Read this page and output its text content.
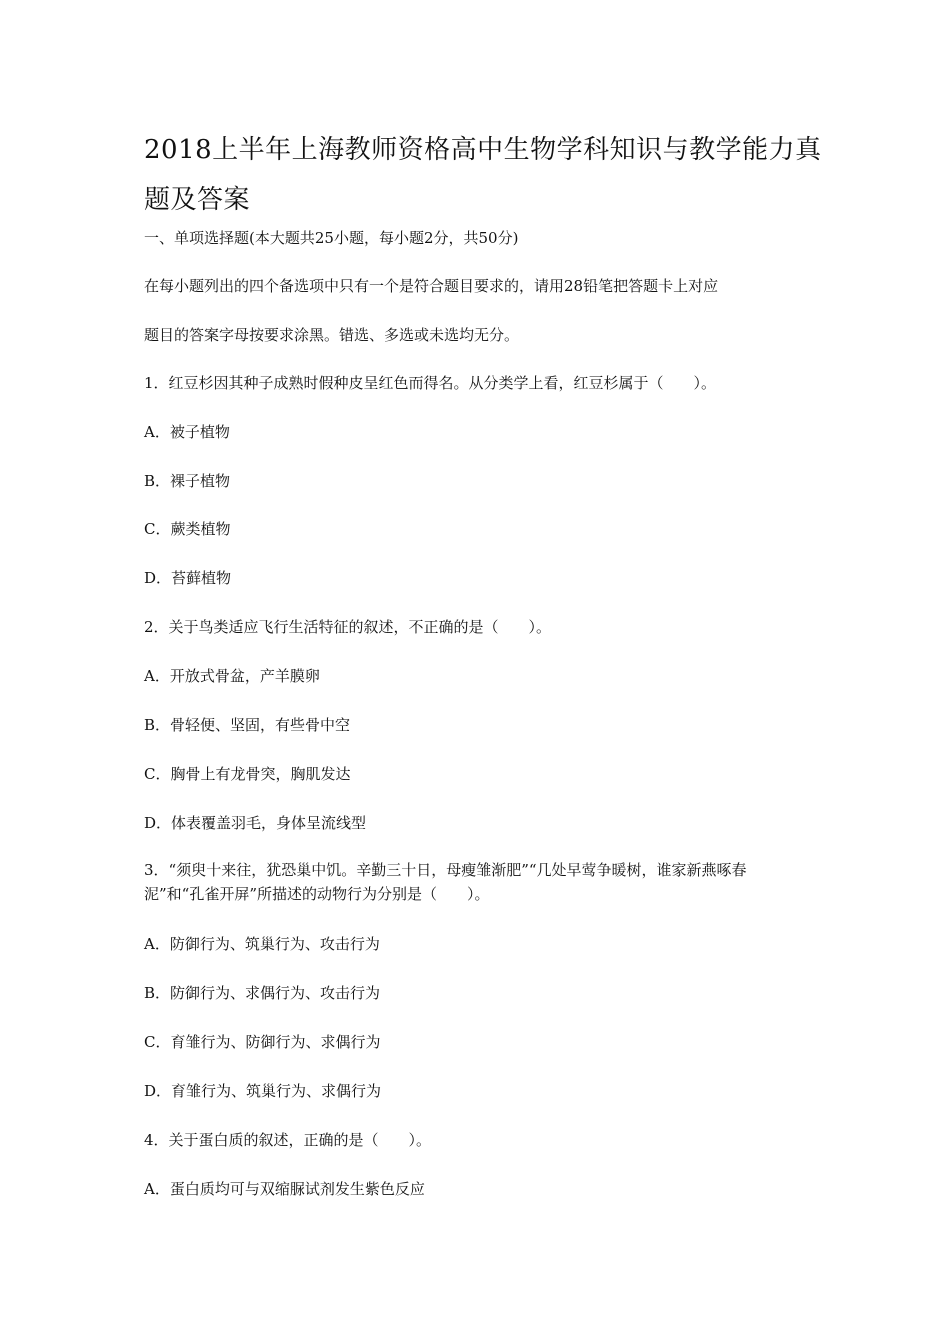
2018上半年上海教师资格高中生物学科知识与教学能力真
题及答案
一、单项选择题(本大题共25小题，每小题2分，共50分)
在每小题列出的四个备选项中只有一个是符合题目要求的，请用28铅笔把答题卡上对应
题目的答案字母按要求涂黑。错选、多选或未选均无分。
1．红豆杉因其种子成熟时假种皮呈红色而得名。从分类学上看，红豆杉属于（　　）。
A．被子植物
B．裸子植物
C．蕨类植物
D．苔藓植物
2．关于鸟类适应飞行生活特征的叙述，不正确的是（　　）。
A．开放式骨盆，产羊膜卵
B．骨轻便、坚固，有些骨中空
C．胸骨上有龙骨突，胸肌发达
D．体表覆盖羽毛，身体呈流线型
3．“须臾十来往，犹恐巢中饥。辛勤三十日，母瘦雏渐肥”“几处早莺争暖树，谁家新燕啄春
泥”和“孔雀开屏”所描述的动物行为分别是（　　）。
A．防御行为、筑巢行为、攻击行为
B．防御行为、求偶行为、攻击行为
C．育雏行为、防御行为、求偶行为
D．育雏行为、筑巢行为、求偶行为
4．关于蛋白质的叙述，正确的是（　　）。
A．蛋白质均可与双缩脲试剂发生紫色反应
